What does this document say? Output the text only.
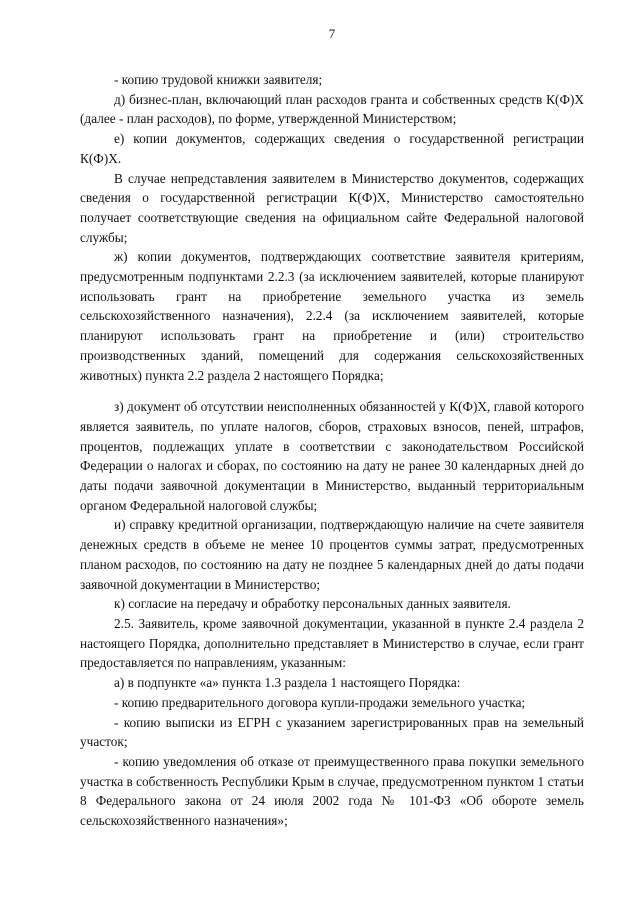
7

- копию трудовой книжки заявителя;

д) бизнес-план, включающий план расходов гранта и собственных средств К(Ф)Х (далее - план расходов), по форме, утвержденной Министерством;

е) копии документов, содержащих сведения о государственной регистрации К(Ф)Х.

В случае непредставления заявителем в Министерство документов, содержащих сведения о государственной регистрации К(Ф)Х, Министерство самостоятельно получает соответствующие сведения на официальном сайте Федеральной налоговой службы;

ж) копии документов, подтверждающих соответствие заявителя критериям, предусмотренным подпунктами 2.2.3 (за исключением заявителей, которые планируют использовать грант на приобретение земельного участка из земель сельскохозяйственного назначения), 2.2.4 (за исключением заявителей, которые планируют использовать грант на приобретение и (или) строительство производственных зданий, помещений для содержания сельскохозяйственных животных) пункта 2.2 раздела 2 настоящего Порядка;

з) документ об отсутствии неисполненных обязанностей у К(Ф)Х, главой которого является заявитель, по уплате налогов, сборов, страховых взносов, пеней, штрафов, процентов, подлежащих уплате в соответствии с законодательством Российской Федерации о налогах и сборах, по состоянию на дату не ранее 30 календарных дней до даты подачи заявочной документации в Министерство, выданный территориальным органом Федеральной налоговой службы;

и) справку кредитной организации, подтверждающую наличие на счете заявителя денежных средств в объеме не менее 10 процентов суммы затрат, предусмотренных планом расходов, по состоянию на дату не позднее 5 календарных дней до даты подачи заявочной документации в Министерство;

к) согласие на передачу и обработку персональных данных заявителя.

2.5. Заявитель, кроме заявочной документации, указанной в пункте 2.4 раздела 2 настоящего Порядка, дополнительно представляет в Министерство в случае, если грант предоставляется по направлениям, указанным:

а) в подпункте «а» пункта 1.3 раздела 1 настоящего Порядка:

- копию предварительного договора купли-продажи земельного участка;

- копию выписки из ЕГРН с указанием зарегистрированных прав на земельный участок;

- копию уведомления об отказе от преимущественного права покупки земельного участка в собственность Республики Крым в случае, предусмотренном пунктом 1 статьи 8 Федерального закона от 24 июля 2002 года № 101-ФЗ «Об обороте земель сельскохозяйственного назначения»;
